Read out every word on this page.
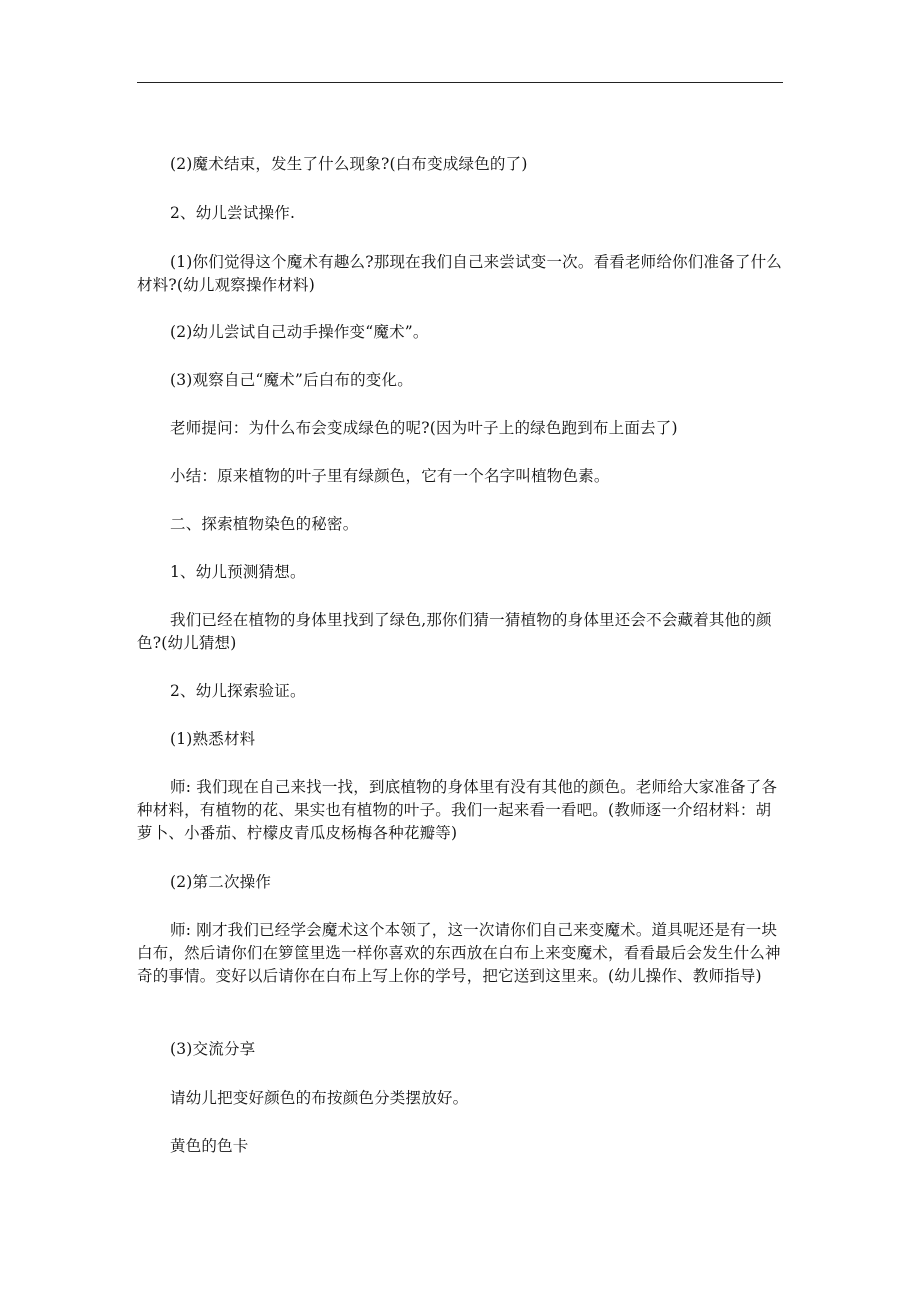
(2)魔术结束，发生了什么现象?(白布变成绿色的了)

2、幼儿尝试操作.

(1)你们觉得这个魔术有趣么?那现在我们自己来尝试变一次。看看老师给你们准备了什么材料?(幼儿观察操作材料)

(2)幼儿尝试自己动手操作变“魔术”。

(3)观察自己“魔术”后白布的变化。

老师提问：为什么布会变成绿色的呢?(因为叶子上的绿色跑到布上面去了)

小结：原来植物的叶子里有绿颜色，它有一个名字叫植物色素。

二、探索植物染色的秘密。

1、幼儿预测猜想。

我们已经在植物的身体里找到了绿色,那你们猜一猜植物的身体里还会不会藏着其他的颜色?(幼儿猜想)

2、幼儿探索验证。

(1)熟悉材料

师: 我们现在自己来找一找，到底植物的身体里有没有其他的颜色。老师给大家准备了各种材料，有植物的花、果实也有植物的叶子。我们一起来看一看吧。(教师逐一介绍材料：胡萝卜、小番茄、柠檬皮青瓜皮杨梅各种花瓣等)

(2)第二次操作

师: 刚才我们已经学会魔术这个本领了，这一次请你们自己来变魔术。道具呢还是有一块白布，然后请你们在箩筐里选一样你喜欢的东西放在白布上来变魔术，看看最后会发生什么神奇的事情。变好以后请你在白布上写上你的学号，把它送到这里来。(幼儿操作、教师指导)

(3)交流分享

请幼儿把变好颜色的布按颜色分类摆放好。

黄色的色卡
